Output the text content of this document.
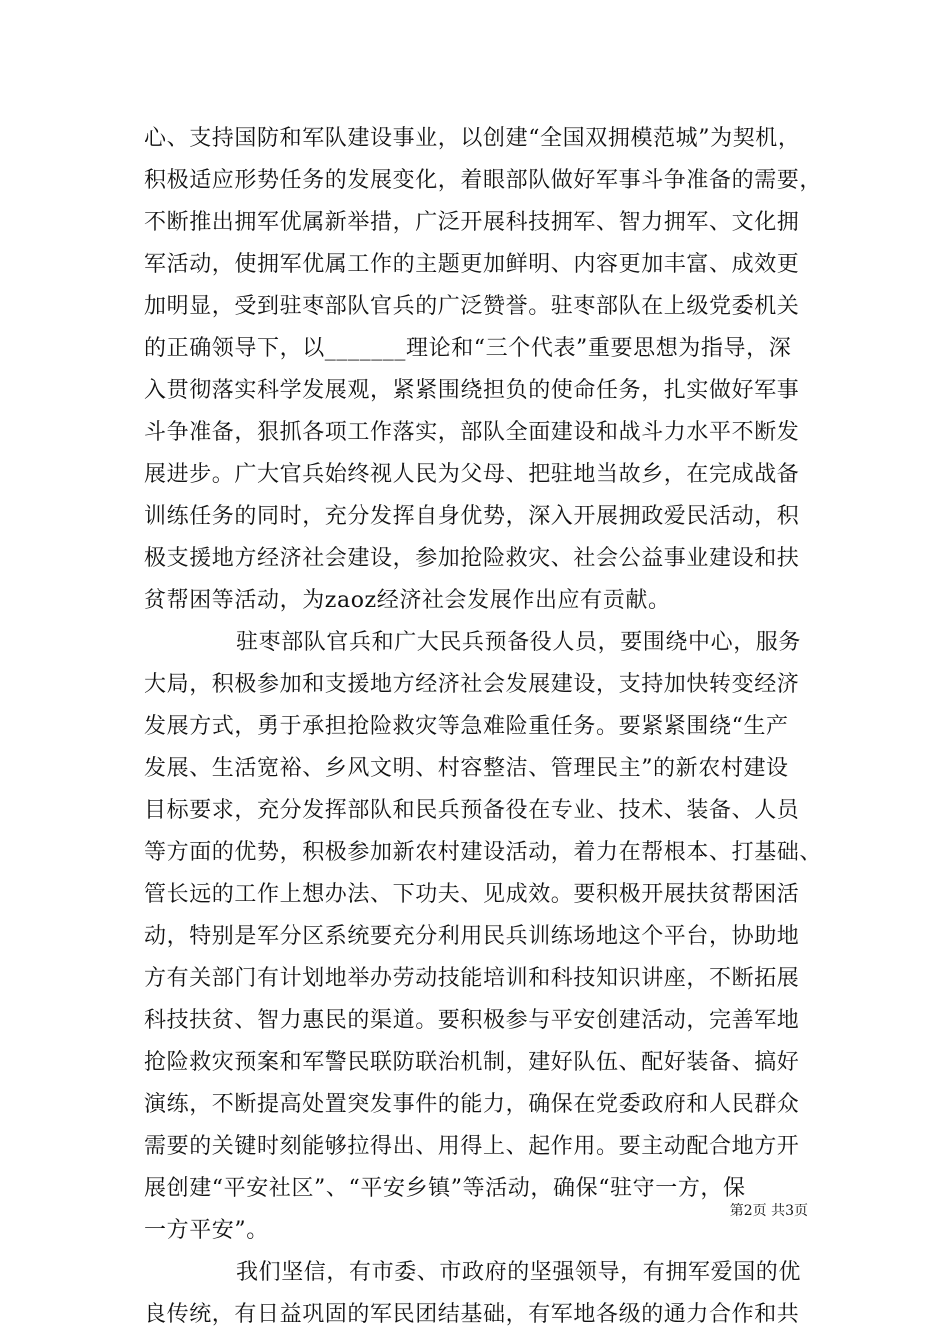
心、支持国防和军队建设事业，以创建“全国双拥模范城”为契机，
积极适应形势任务的发展变化，着眼部队做好军事斗争准备的需要，
不断推出拥军优属新举措，广泛开展科技拥军、智力拥军、文化拥
军活动，使拥军优属工作的主题更加鲜明、内容更加丰富、成效更
加明显，受到驻枣部队官兵的广泛赞誉。驻枣部队在上级党委机关
的正确领导下，以_______理论和“三个代表”重要思想为指导，深
入贯彻落实科学发展观，紧紧围绕担负的使命任务，扎实做好军事
斗争准备，狠抓各项工作落实，部队全面建设和战斗力水平不断发
展进步。广大官兵始终视人民为父母、把驻地当故乡，在完成战备
训练任务的同时，充分发挥自身优势，深入开展拥政爱民活动，积
极支援地方经济社会建设，参加抢险救灾、社会公益事业建设和扶
贫帮困等活动，为zaoz经济社会发展作出应有贡献。
驻枣部队官兵和广大民兵预备役人员，要围绕中心，服务
大局，积极参加和支援地方经济社会发展建设，支持加快转变经济
发展方式，勇于承担抢险救灾等急难险重任务。要紧紧围绕“生产
发展、生活宽裕、乡风文明、村容整洁、管理民主”的新农村建设
目标要求，充分发挥部队和民兵预备役在专业、技术、装备、人员
等方面的优势，积极参加新农村建设活动，着力在帮根本、打基础、
管长远的工作上想办法、下功夫、见成效。要积极开展扶贫帮困活
动，特别是军分区系统要充分利用民兵训练场地这个平台，协助地
方有关部门有计划地举办劳动技能培训和科技知识讲座，不断拓展
科技扶贫、智力惠民的渠道。要积极参与平安创建活动，完善军地
抢险救灾预案和军警民联防联治机制，建好队伍、配好装备、搞好
演练，不断提高处置突发事件的能力，确保在党委政府和人民群众
需要的关键时刻能够拉得出、用得上、起作用。要主动配合地方开
展创建“平安社区”、“平安乡镇”等活动，确保“驻守一方，保
一方平安”。
我们坚信，有市委、市政府的坚强领导，有拥军爱国的优
良传统，有日益巩固的军民团结基础，有军地各级的通力合作和共
第2页 共3页
